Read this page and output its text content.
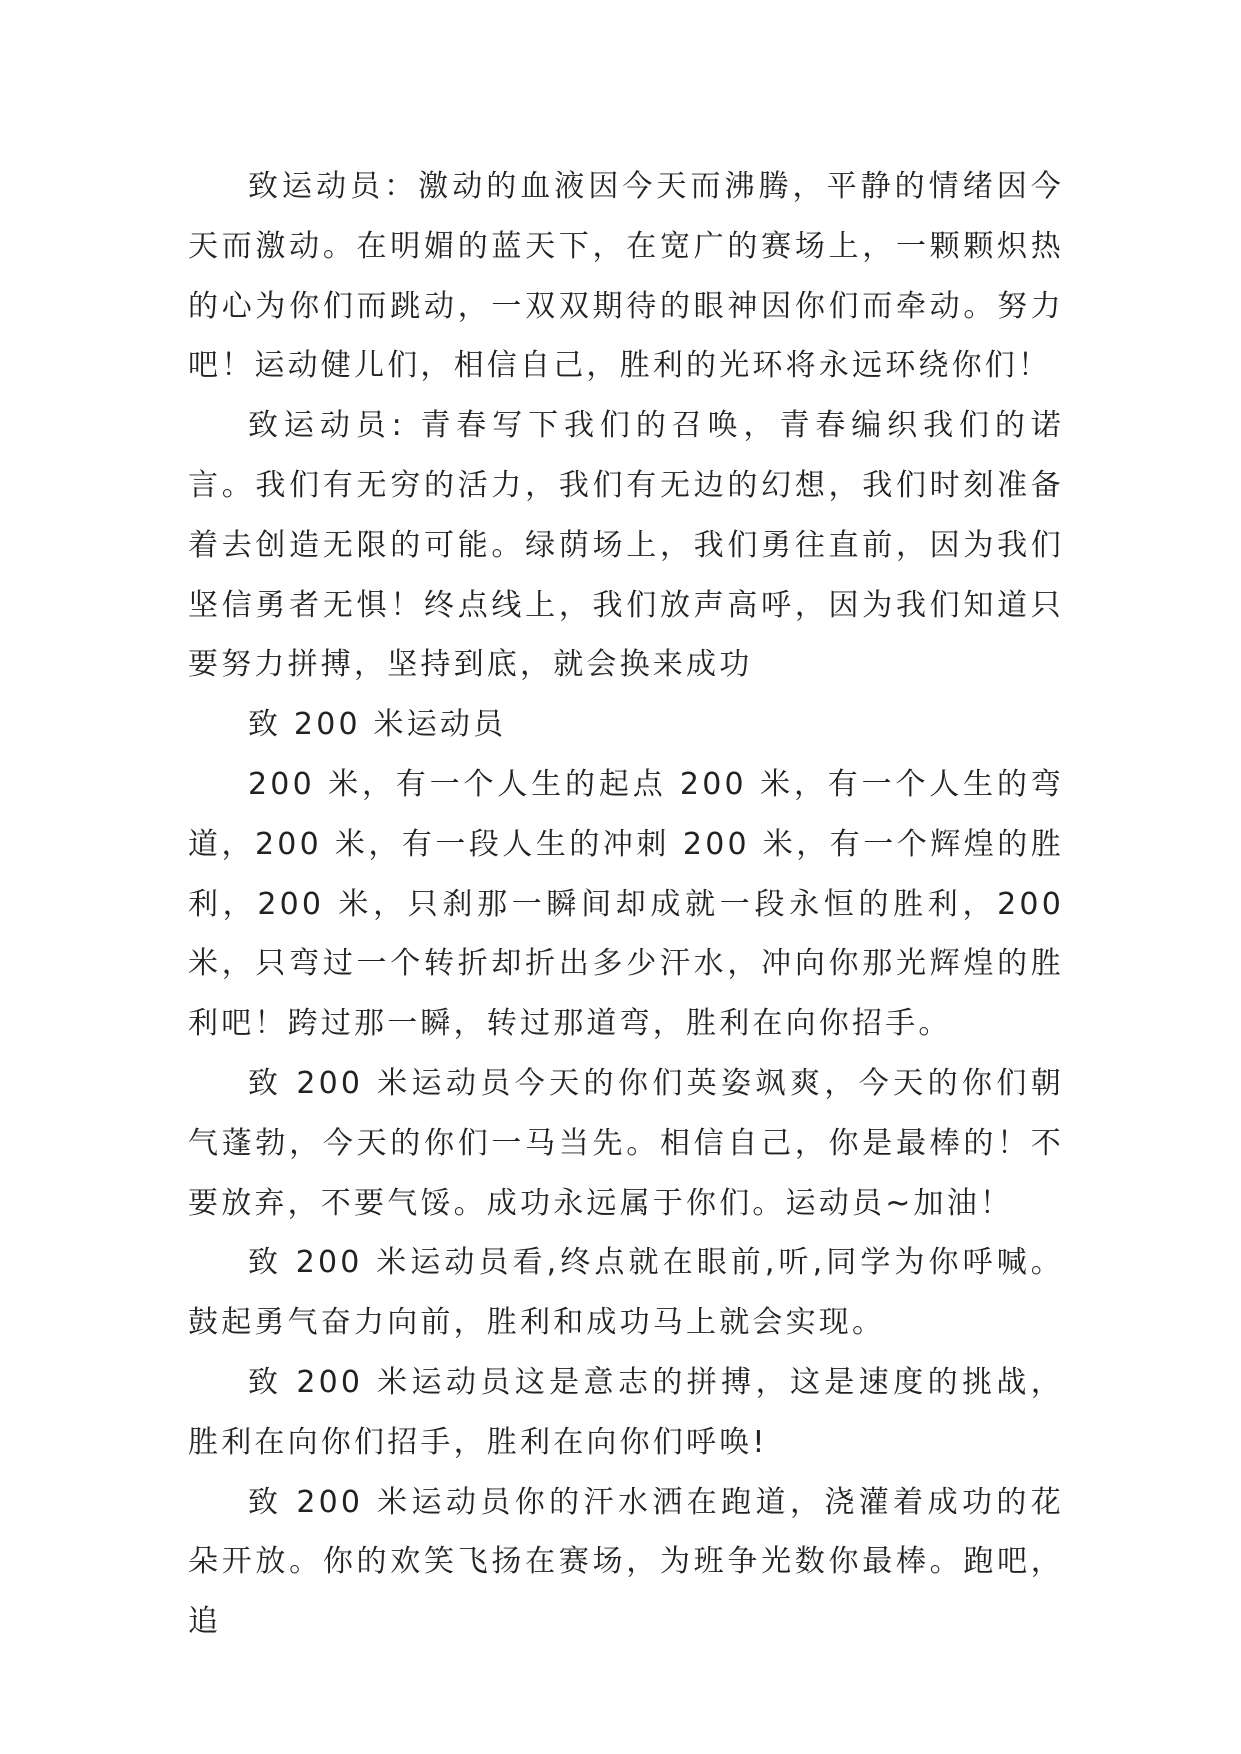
致运动员：激动的血液因今天而沸腾，平静的情绪因今天而激动。在明媚的蓝天下，在宽广的赛场上，一颗颗炽热的心为你们而跳动，一双双期待的眼神因你们而牵动。努力吧！运动健儿们，相信自己，胜利的光环将永远环绕你们！

致运动员: 青春写下我们的召唤，青春编织我们的诺言。我们有无穷的活力，我们有无边的幻想，我们时刻准备着去创造无限的可能。绿荫场上，我们勇往直前，因为我们坚信勇者无惧！终点线上，我们放声高呼，因为我们知道只要努力拼搏，坚持到底，就会换来成功

致 200 米运动员

200 米，有一个人生的起点 200 米，有一个人生的弯道，200 米，有一段人生的冲刺 200 米，有一个辉煌的胜利，200 米，只刹那一瞬间却成就一段永恒的胜利，200 米，只弯过一个转折却折出多少汗水，冲向你那光辉煌的胜利吧！跨过那一瞬，转过那道弯，胜利在向你招手。

致 200 米运动员今天的你们英姿飒爽，今天的你们朝气蓬勃，今天的你们一马当先。相信自己，你是最棒的！不要放弃，不要气馁。成功永远属于你们。运动员~加油！

致 200 米运动员看,终点就在眼前,听,同学为你呼喊。鼓起勇气奋力向前，胜利和成功马上就会实现。

致 200 米运动员这是意志的拼搏，这是速度的挑战，胜利在向你们招手，胜利在向你们呼唤!

致 200 米运动员你的汗水洒在跑道，浇灌着成功的花朵开放。你的欢笑飞扬在赛场，为班争光数你最棒。跑吧，追
